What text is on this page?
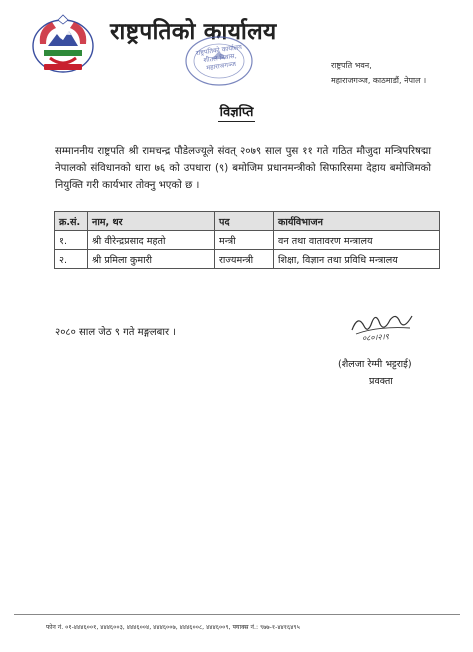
राष्ट्रपतिको कार्यालय
राष्ट्रपतिको कार्यालय शीतल निवास, महाराजगञ्ज	राष्ट्रपति भवन,
महाराजगञ्ज, काठमाडौं, नेपाल ।
विज्ञप्ति
सम्माननीय राष्ट्रपति श्री रामचन्द्र पौडेलज्यूले संवत् २०७९ साल पुस ११ गते गठित मौजुदा मन्त्रिपरिषद्मा नेपालको संविधानको धारा ७६ को उपधारा (९) बमोजिम प्रधानमन्त्रीको सिफारिसमा देहाय बमोजिमको नियुक्ति गरी कार्यभार तोक्नु भएको छ ।
क्र.सं.	नाम, थर	पद	कार्यविभाजन
१.	श्री वीरेन्द्रप्रसाद महतो	मन्त्री	वन तथा वातावरण मन्त्रालय
२.	श्री प्रमिला कुमारी	राज्यमन्त्री	शिक्षा, विज्ञान तथा प्रविधि मन्त्रालय
२०८० साल जेठ ९ गते मङ्गलबार ।	०८०।२।९
(शैलजा रेग्मी भट्टराई)
प्रवक्ता
फोन नं. ०१-४४४६००१, ४४४६००३, ४४४६००४, ४४४६००७, ४४४६००८, ४४४६००९, फ्याक्स नं.: ९७७-१-४४१६४९५
